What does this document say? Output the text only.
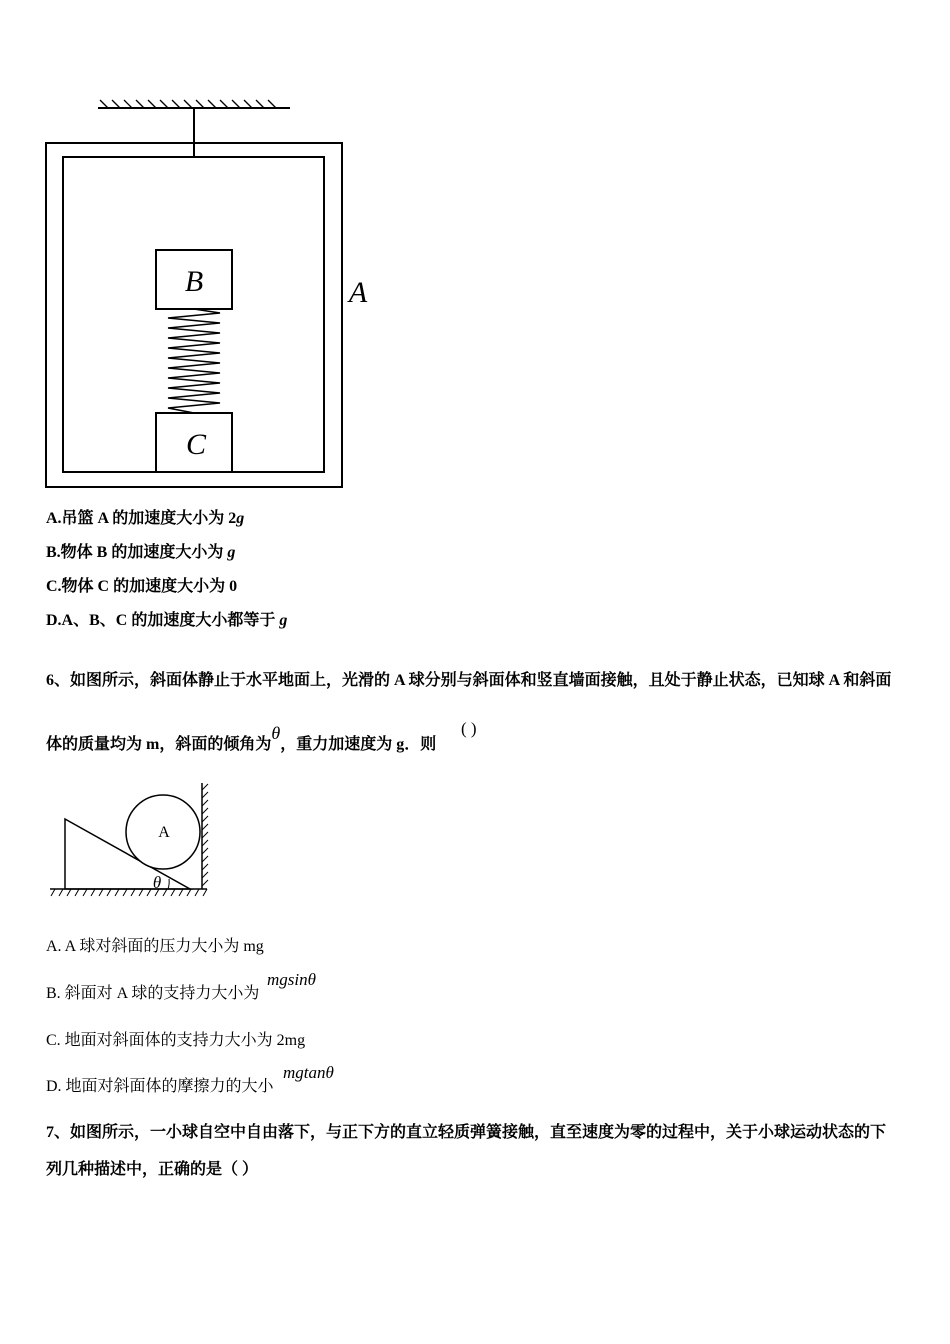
B
C
A
A.吊篮 A 的加速度大小为 2g
B.物体 B 的加速度大小为 g
C.物体 C 的加速度大小为 0
D.A、B、C 的加速度大小都等于 g
6、如图所示，斜面体静止于水平地面上，光滑的 A 球分别与斜面体和竖直墙面接触，且处于静止状态，已知球 A 和斜面
体的质量均为 m，斜面的倾角为θ，重力加速度为 g．则
( )
A
θ
A. A 球对斜面的压力大小为 mg
B. 斜面对 A 球的支持力大小为
mgsinθ
C. 地面对斜面体的支持力大小为 2mg
D. 地面对斜面体的摩擦力的大小
mgtanθ
7、如图所示，一小球自空中自由落下，与正下方的直立轻质弹簧接触，直至速度为零的过程中，关于小球运动状态的下
列几种描述中，正确的是（ ）
